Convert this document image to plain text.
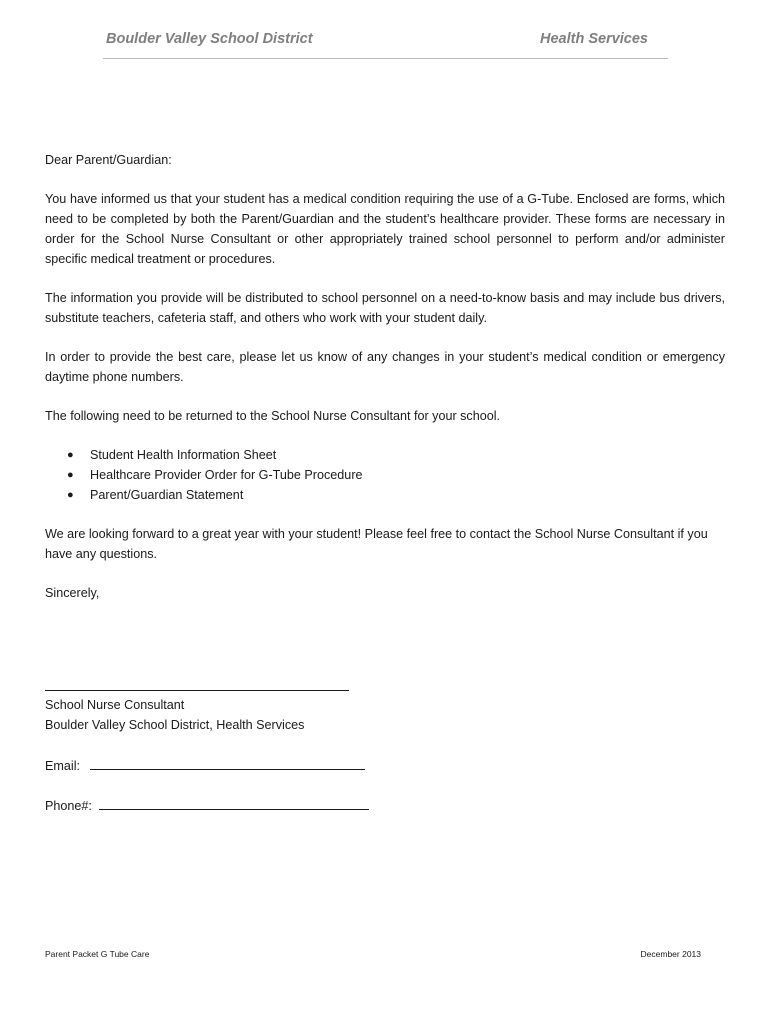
Boulder Valley School District	Health Services

Dear Parent/Guardian:

You have informed us that your student has a medical condition requiring the use of a G-Tube. Enclosed are forms, which need to be completed by both the Parent/Guardian and the student’s healthcare provider. These forms are necessary in order for the School Nurse Consultant or other appropriately trained school personnel to perform and/or administer specific medical treatment or procedures.

The information you provide will be distributed to school personnel on a need-to-know basis and may include bus drivers, substitute teachers, cafeteria staff, and others who work with your student daily.

In order to provide the best care, please let us know of any changes in your student’s medical condition or emergency daytime phone numbers.

The following need to be returned to the School Nurse Consultant for your school.

● Student Health Information Sheet
● Healthcare Provider Order for G-Tube Procedure
● Parent/Guardian Statement

We are looking forward to a great year with your student! Please feel free to contact the School Nurse Consultant if you have any questions.

Sincerely,

School Nurse Consultant
Boulder Valley School District, Health Services
Email:
Phone#:
Parent Packet G Tube Care	December 2013
